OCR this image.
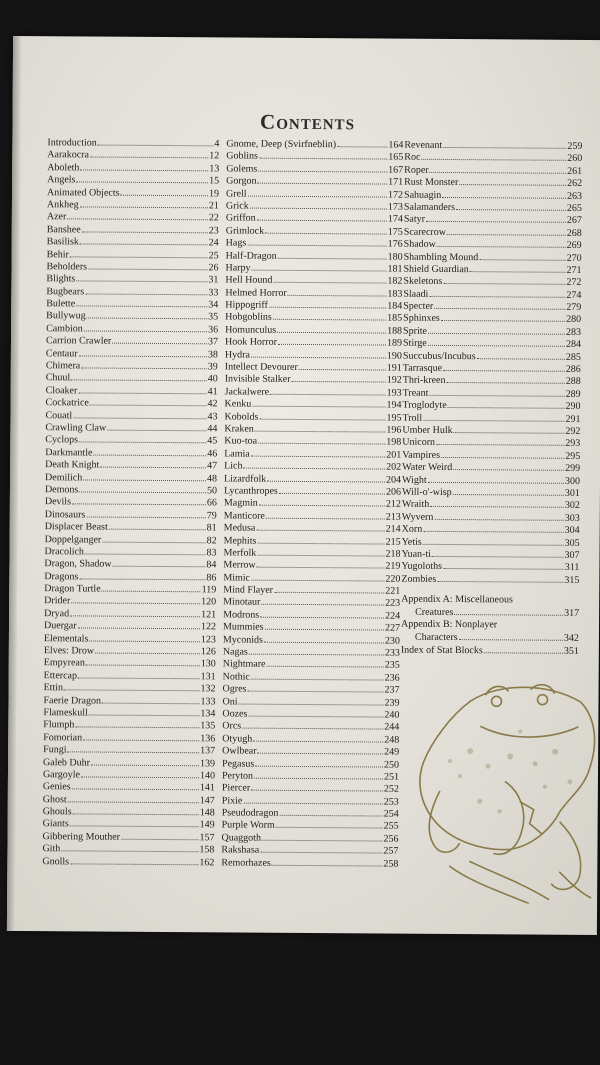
Contents
Introduction	4
Aarakocra	12
Aboleth	13
Angels	15
Animated Objects	19
Ankheg	21
Azer	22
Banshee	23
Basilisk	24
Behir	25
Beholders	26
Blights	31
Bugbears	33
Bulette	34
Bullywug	35
Cambion	36
Carrion Crawler	37
Centaur	38
Chimera	39
Chuul	40
Cloaker	41
Cockatrice	42
Couatl	43
Crawling Claw	44
Cyclops	45
Darkmantle	46
Death Knight	47
Demilich	48
Demons	50
Devils	66
Dinosaurs	79
Displacer Beast	81
Doppelganger	82
Dracolich	83
Dragon, Shadow	84
Dragons	86
Dragon Turtle	119
Drider	120
Dryad	121
Duergar	122
Elementals	123
Elves: Drow	126
Empyrean	130
Ettercap	131
Ettin	132
Faerie Dragon	133
Flameskull	134
Flumph	135
Fomorian	136
Fungi	137
Galeb Duhr	139
Gargoyle	140
Genies	141
Ghost	147
Ghouls	148
Giants	149
Gibbering Mouther	157
Gith	158
Gnolls	162
Gnome, Deep (Svirfneblin)	164
Goblins	165
Golems	167
Gorgon	171
Grell	172
Grick	173
Griffon	174
Grimlock	175
Hags	176
Half-Dragon	180
Harpy	181
Hell Hound	182
Helmed Horror	183
Hippogriff	184
Hobgoblins	185
Homunculus	188
Hook Horror	189
Hydra	190
Intellect Devourer	191
Invisible Stalker	192
Jackalwere	193
Kenku	194
Kobolds	195
Kraken	196
Kuo-toa	198
Lamia	201
Lich	202
Lizardfolk	204
Lycanthropes	206
Magmin	212
Manticore	213
Medusa	214
Mephits	215
Merfolk	218
Merrow	219
Mimic	220
Mind Flayer	221
Minotaur	223
Modrons	224
Mummies	227
Myconids	230
Nagas	233
Nightmare	235
Nothic	236
Ogres	237
Oni	239
Oozes	240
Orcs	244
Otyugh	248
Owlbear	249
Pegasus	250
Peryton	251
Piercer	252
Pixie	253
Pseudodragon	254
Purple Worm	255
Quaggoth	256
Rakshasa	257
Remorhazes	258
Revenant	259
Roc	260
Roper	261
Rust Monster	262
Sahuagin	263
Salamanders	265
Satyr	267
Scarecrow	268
Shadow	269
Shambling Mound	270
Shield Guardian	271
Skeletons	272
Slaadi	274
Specter	279
Sphinxes	280
Sprite	283
Stirge	284
Succubus/Incubus	285
Tarrasque	286
Thri-kreen	288
Treant	289
Troglodyte	290
Troll	291
Umber Hulk	292
Unicorn	293
Vampires	295
Water Weird	299
Wight	300
Will-o'-wisp	301
Wraith	302
Wyvern	303
Xorn	304
Yetis	305
Yuan-ti	307
Yugoloths	311
Zombies	315
Appendix A: Miscellaneous
Creatures	317
Appendix B: Nonplayer
Characters	342
Index of Stat Blocks	351
